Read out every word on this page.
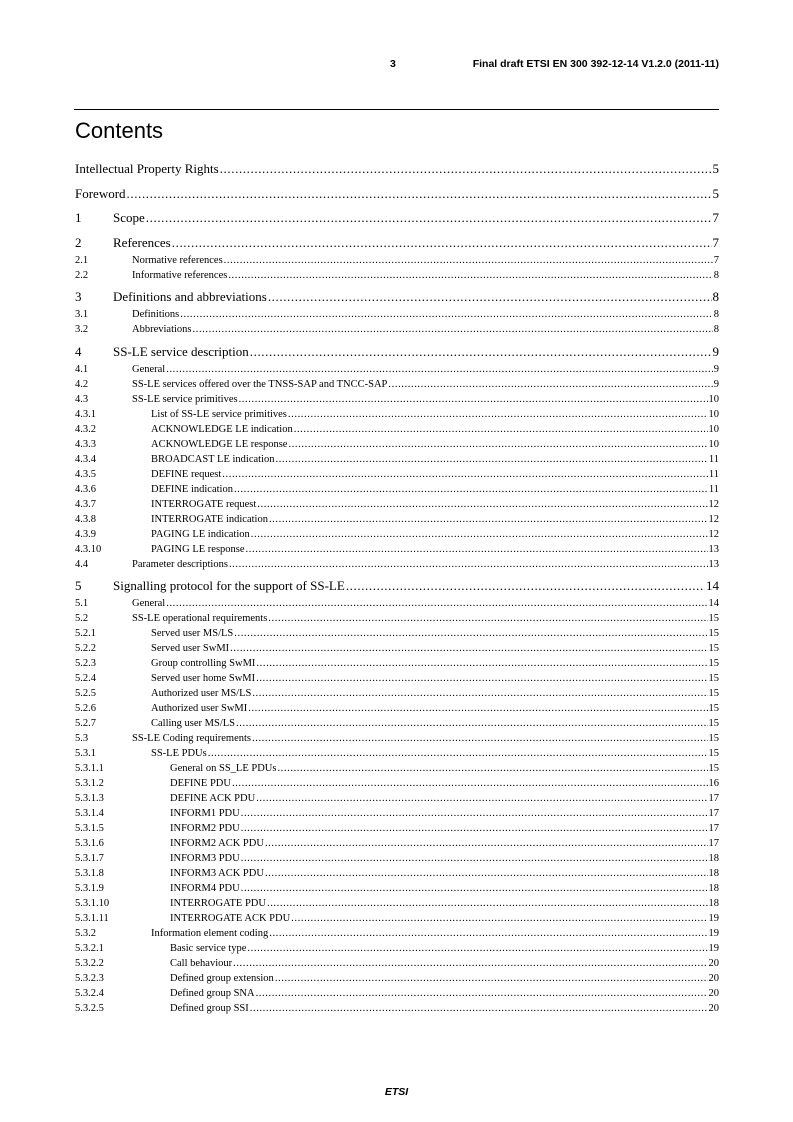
3	Final draft ETSI EN 300 392-12-14 V1.2.0 (2011-11)
Contents
Intellectual Property Rights .....	5
Foreword .....	5
1 Scope .....	7
2 References .....	7
2.1	Normative references .....	7
2.2	Informative references .....	8
3 Definitions and abbreviations .....	8
3.1	Definitions .....	8
3.2	Abbreviations .....	8
4 SS-LE service description .....	9
4.1	General .....	9
4.2	SS-LE services offered over the TNSS-SAP and TNCC-SAP .....	9
4.3	SS-LE service primitives .....	10
4.3.1	List of SS-LE service primitives .....	10
4.3.2	ACKNOWLEDGE LE indication .....	10
4.3.3	ACKNOWLEDGE LE response .....	10
4.3.4	BROADCAST LE indication .....	11
4.3.5	DEFINE request .....	11
4.3.6	DEFINE indication .....	11
4.3.7	INTERROGATE request .....	12
4.3.8	INTERROGATE indication .....	12
4.3.9	PAGING LE indication .....	12
4.3.10	PAGING LE response .....	13
4.4	Parameter descriptions .....	13
5 Signalling protocol for the support of SS-LE .....	14
5.1	General .....	14
5.2	SS-LE operational requirements .....	15
5.2.1	Served user MS/LS .....	15
5.2.2	Served user SwMI .....	15
5.2.3	Group controlling SwMI .....	15
5.2.4	Served user home SwMI .....	15
5.2.5	Authorized user MS/LS .....	15
5.2.6	Authorized user SwMI .....	15
5.2.7	Calling user MS/LS .....	15
5.3	SS-LE Coding requirements .....	15
5.3.1	SS-LE PDUs .....	15
5.3.1.1	General on SS_LE PDUs .....	15
5.3.1.2	DEFINE PDU .....	16
5.3.1.3	DEFINE ACK PDU .....	17
5.3.1.4	INFORM1 PDU .....	17
5.3.1.5	INFORM2 PDU .....	17
5.3.1.6	INFORM2 ACK PDU .....	17
5.3.1.7	INFORM3 PDU .....	18
5.3.1.8	INFORM3 ACK PDU .....	18
5.3.1.9	INFORM4 PDU .....	18
5.3.1.10	INTERROGATE PDU .....	18
5.3.1.11	INTERROGATE ACK PDU .....	19
5.3.2	Information element coding .....	19
5.3.2.1	Basic service type .....	19
5.3.2.2	Call behaviour .....	20
5.3.2.3	Defined group extension .....	20
5.3.2.4	Defined group SNA .....	20
5.3.2.5	Defined group SSI .....	20
ETSI
